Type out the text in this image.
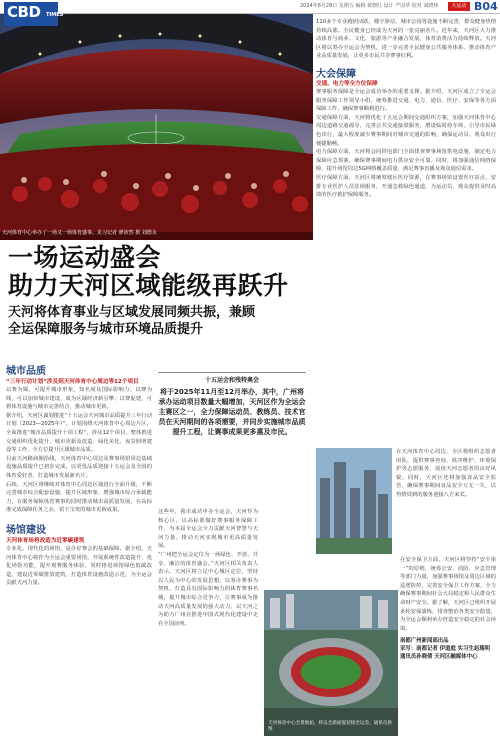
CBD TIMES
2024年6月28日 星期五 编辑 黄晓红 设计 严国华 校对 刘晓林	大运动 B04
天河体育中心举办了一场又一场体育盛事。见习记者 廖沛然 摄 刘德永
一场运动盛会
助力天河区域能级再跃升
天河将体育事业与区域发展同频共振，兼顾
全运保障服务与城市环境品质提升
城市品质
“三年行动计划”涉及到天河体育中心周边等12个项目

以赛为媒，可提升城市形象，知名度及国际影响力；以赛为线，可以加快城市建设，成为区域经济新引擎；以赛促建，可将体育设施与城市完善结合，推动城市更新。

据介绍，天河区谋划推进“十五运会天河城市品质提升三年行动计划（2023—2025年）”。计划围绕天河体育中心周边片区，全面推进“城市品质提升十项工程”，涉及12个项目，整体推进交通组织优化提升、城市更新及改造、绿化美化、夜景照明建设等工作，全方位提升区域城市品质。

目前天河路商圈沿线，天河体育中心周边及赛事场馆周边基础设施品质提升已初步完成，以更优品质迎接十五运会及全国的体育爱好者，打造城市发展新名片。

后续，天河区将继续对体育中心周边区域进行全面升级，不断完善城市综合配套设施，提升区域形象，增强城市综合承载能力，在服务保障体育赛事的同时推动城市高质量发展，在高标准完成保障任务之余，留下宝贵的城市更新成果。

场馆建设
天河体育场将改造为近零碳建筑

专业化、现代化的场馆，是办好赛会的基础保障。据介绍，天河体育中心将作为全运会重要场馆，开展系统性改造提升，优化场馆功能，提升观赛服务体验，同时推进场馆绿色低碳改造，建设近零碳排放建筑，打造体育设施改造示范，为全运会贡献天河力量。

十五运会和残特奥会
将于2025年11月至12月举办，其中，广州将承办运动项目数量大幅增加，天河区作为全运会主赛区之一，全力保障运动员、教练员、技术官员在天河期间的各项需要，并同步实施城市品质提升工程，让赛事成果更多惠及市民。

这些年，我市成功申办全运会，天河作为核心区，以高标准做好赛事服务保障工作，为本届全运会全力贡献天河智慧与天河力量，推动天河实现城市更高质量发展。

“广州把全运会定位为一场绿色、开放、共享、廉洁的体育盛会。”天河区相关负责人表示，天河区将立足中心城区定位，坚持以人民为中心的发展思想，以筹办赛事为契机，打造具有国际影响力的体育赛事名城，提升城市综合竞争力，让赛事成为推动天河高质量发展的强大动力，以天河之为助力广州在推进中国式现代化建设中走在全国前列。

天河体育中心全景航拍，将以全新面貌迎接全运会。通讯员供图

110多个专业跑团活跃，楼宇驿站、城市公园等设施不断完善，群众健身热情持续高涨。全民健身已经成为天河的一张亮丽名片。近年来，天河区大力推动体育与商业、文化、旅游等产业融合发展，体育消费活力持续释放。天河区将以筹办全运会为契机，进一步完善全民健身公共服务体系，推动体育产业高质量发展，让更多市民共享赛事红利。

大会保障
交通、电力等全方位保障

赛事服务保障是全运会成功举办的重要支撑。据介绍，天河区成立了全运会服务保障工作领导小组，统筹推进交通、电力、通信、医疗、安保等各方面保障工作，确保赛事顺利进行。

交通保障方面，天河将优化十五运会期间交通组织方案，加强天河体育中心周边道路交通疏导，完善公共交通接驳服务，增设临时停车场，引导市民绿色出行，最大程度减少赛事期间对城市交通的影响，确保运动员、观众出行便捷顺畅。

电力保障方面，天河将会同供电部门全面排查赛事场馆供电设施，制定电力保障应急预案，确保赛事期间电力供应安全可靠。同时，将加强通信网络保障，提升场馆周边5G网络覆盖质量，满足赛事直播及观众通信需求。

医疗保障方面，天河区将统筹辖区医疗资源，在赛事场馆设置医疗站点，安排专业医护人员驻场服务，开通急救绿色通道，为运动员、观众提供及时高效的医疗救护保障服务。

在天河体育中心周边，全区将组织志愿者团队，提供赛事咨询、秩序维护、环境保护等志愿服务，展现天河志愿者的良好风貌。同时，天河区还将加强食品安全监管，确保赛事期间食品安全万无一失，以热情周到的服务迎接八方来宾。

在安全保卫方面，天河区将坚持“安全第一”的原则，统筹公安、消防、应急管理等部门力量，加强赛事场馆及周边区域的巡逻防控，完善安全保卫工作方案，全力确保赛事期间社会大局稳定和人民群众生命财产安全。据了解，天河区已组织开展多轮安保演练，排查整治各类安全隐患，为全运会顺利举办营造安全稳定的社会环境。

南都广州新闻部出品
采写：南都记者 伊道庭 实习生赵瑞明
通讯员孙晓倩 天河区融媒体中心
